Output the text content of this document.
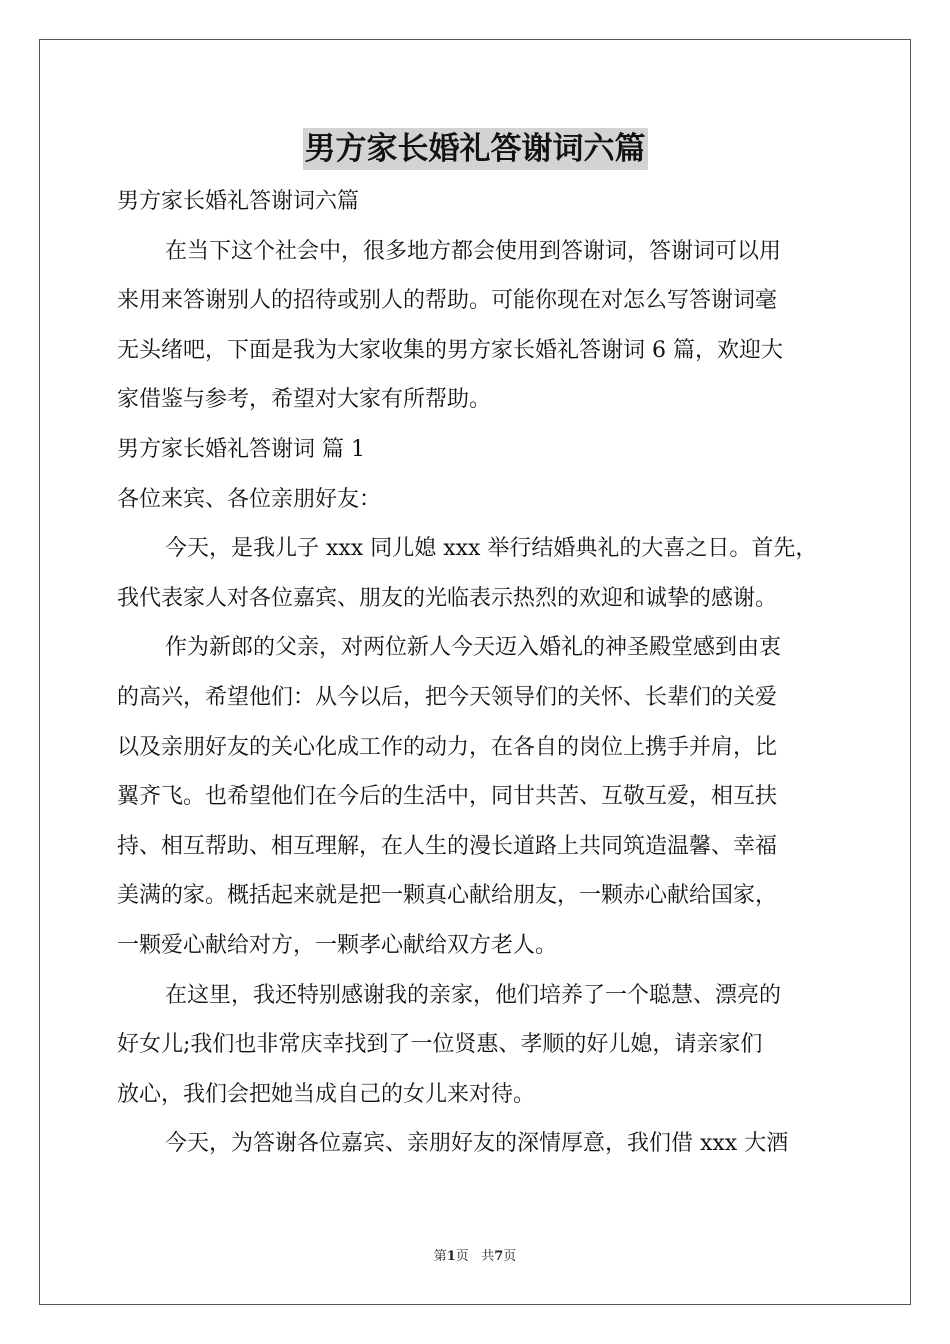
男方家长婚礼答谢词六篇

男方家长婚礼答谢词六篇

在当下这个社会中，很多地方都会使用到答谢词，答谢词可以用

来用来答谢别人的招待或别人的帮助。可能你现在对怎么写答谢词毫

无头绪吧，下面是我为大家收集的男方家长婚礼答谢词 6 篇，欢迎大

家借鉴与参考，希望对大家有所帮助。

男方家长婚礼答谢词 篇 1

各位来宾、各位亲朋好友：

今天，是我儿子 xxx 同儿媳 xxx 举行结婚典礼的大喜之日。首先，

我代表家人对各位嘉宾、朋友的光临表示热烈的欢迎和诚挚的感谢。

作为新郎的父亲，对两位新人今天迈入婚礼的神圣殿堂感到由衷

的高兴，希望他们：从今以后，把今天领导们的关怀、长辈们的关爱

以及亲朋好友的关心化成工作的动力，在各自的岗位上携手并肩，比

翼齐飞。也希望他们在今后的生活中，同甘共苦、互敬互爱，相互扶

持、相互帮助、相互理解，在人生的漫长道路上共同筑造温馨、幸福

美满的家。概括起来就是把一颗真心献给朋友，一颗赤心献给国家，

一颗爱心献给对方，一颗孝心献给双方老人。

在这里，我还特别感谢我的亲家，他们培养了一个聪慧、漂亮的

好女儿;我们也非常庆幸找到了一位贤惠、孝顺的好儿媳，请亲家们

放心，我们会把她当成自己的女儿来对待。

今天，为答谢各位嘉宾、亲朋好友的深情厚意，我们借 xxx 大酒

第1页 共7页
